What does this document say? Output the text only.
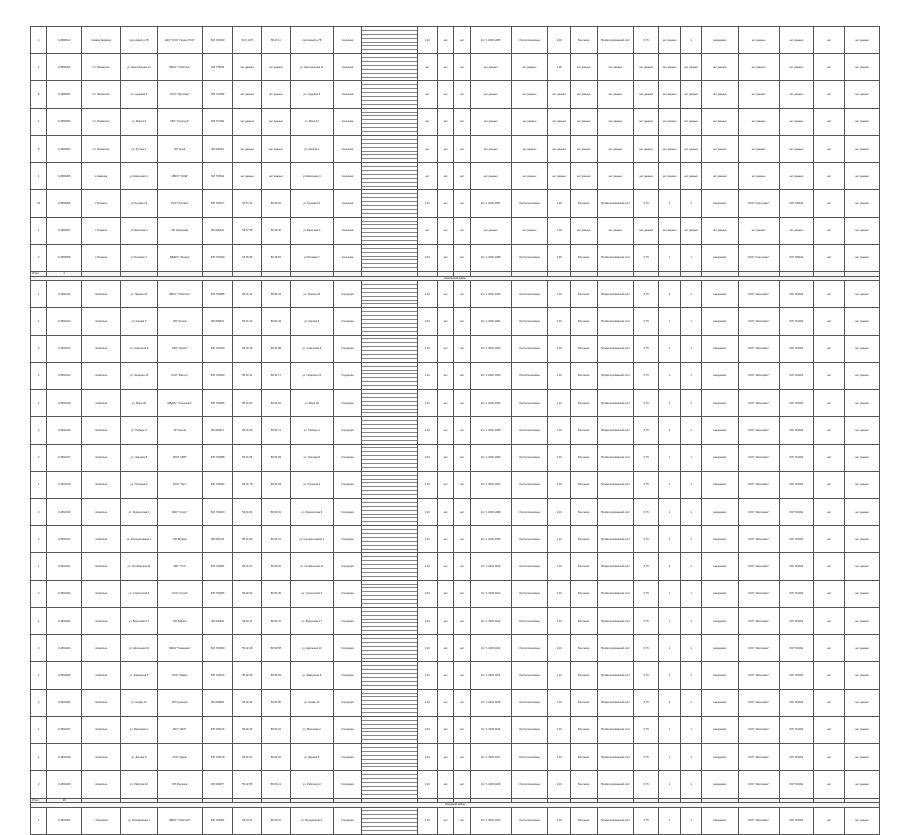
4	0-4584614	г.Новая Деревня	пер.Новый д.78	НКО "ООО "Гарант ЛСО"	ЮЛ 726343	54.6 1170	86.47 11	пер.Новый д.78	Сельская		1,22	нет	нет	10 / 1 2020 1085	Полиэтиленовые	1,30	Бетонное	Профилированный лист	0,75	нет данных	1	ежедневно	нет данных	нет данных	нет	нет данных
1	0-4584001	пгт Ленинское	ул. Центральная 11	МБОУ "СОШ №1"	ЮЛ 735611	нет данных	нет данных	ул. Центральная 11	Сельская		нет	нет	нет	нет данных	нет данных	1,00	нет данных	нет данных	нет данных	нет данных	нет данных	нет данных	нет данных	нет данных	нет	нет данных
8	0-4584002	пгт Ленинское	ул. Садовая 3	ООО "ТД Север"	ЮЛ 711090	нет данных	нет данных	ул. Садовая 3	Сельская		нет	нет	нет	нет данных	нет данных	нет данных	нет данных	нет данных	нет данных	нет данных	нет данных	нет данных	нет данных	нет данных	нет	нет данных
1	0-4584003	пгт Ленинское	ул. Мира 12	МКУ "Культура"	ЮЛ 711091	нет данных	нет данных	ул. Мира 12	Сельская		нет	нет	нет	нет данных	нет данных	нет данных	нет данных	нет данных	нет данных	нет данных	нет данных	нет данных	нет данных	нет данных	нет	нет данных
8	0-4584004	пгт Ленинское	ул. Лесная 1	ИП Гусев	ФЛ 600113	нет данных	нет данных	ул. Лесная 1	Сельская		нет	нет	нет	нет данных	нет данных	нет данных	нет данных	нет данных	нет данных	нет данных	нет данных	нет данных	нет данных	нет данных	нет	нет данных
1	0-4584005	с.Каменка	ул.Школьная 4	МБОУ "ООШ"	ЮЛ 705011	нет данных	нет данных	ул.Школьная 4	Сельская		нет	нет	нет	нет данных	нет данных	нет данных	нет данных	нет данных	нет данных	нет данных	нет данных	нет данных	нет данных	нет данных	нет	нет данных
10	0-4584006	с.Ягодное	ул.Луговая 14	ООО "Луговое"	ЮЛ 702577	54.57 11	86.49 01	ул.Луговая 14	Сельская		1,10	нет	нет	10 / 1 2020 1087	Полиэтиленовые	1,30	Бетонное	Профилированный лист	0,75	1	1	ежедневно	ООО "Спецтранс"	ЮЛ 709102	нет	нет данных
1	0-4584007	с.Ягодное	ул.Заречная 2	ИП Смирнова	ФЛ 600241	54.57 08	86.49 40	ул.Заречная 2	Сельская		нет	нет	нет	нет данных	нет данных	1,00	нет данных	нет данных	нет данных	нет данных	нет данных	нет данных	нет данных	нет данных	нет	нет данных
4	0-4584008	с.Ягодное	ул.Полевая 7	МБДОУ "Ягодка"	ЮЛ 703330	54.56 95	86.48 87	ул.Полевая 7	Сельская		1,10	нет	нет	10 / 1 2020 1088	Полиэтиленовые	1,30	Бетонное	Профилированный лист	0,75	1	1	ежедневно	ООО "Спецтранс"	ЮЛ 709102	нет	нет данных
Итого	2																									
Никольский район																										
1	0-4591011	г.Никольск	ул. Ленина 22	МБОУ "СОШ №2"	ЮЛ 702888	55.01 14	86.52 03	ул. Ленина 22	Городская		1,10	нет	нет	10 / 1 2020 1090	Полиэтиленовые	1,10	Бетонное	Профилированный лист	0,75	1	1	ежедневно	ООО "Экосервис"	ЮЛ 710001	нет	нет данных
1	0-4591012	г.Никольск	ул. Кирова 5	ИП Петров	ФЛ 600512	55.01 20	86.52 44	ул. Кирова 5	Городская		1,10	нет	нет	10 / 1 2020 1091	Полиэтиленовые	1,10	Бетонное	Профилированный лист	0,75	1	1	ежедневно	ООО "Экосервис"	ЮЛ 710001	нет	нет данных
3	0-4591013	г.Никольск	ул. Советская 9	МКУ "Архив"	ЮЛ 702919	55.01 33	86.51 98	ул. Советская 9	Городская		1,10	нет	нет	10 / 1 2020 1092	Полиэтиленовые	1,10	Бетонное	Профилированный лист	0,75	1	1	ежедневно	ООО "Экосервис"	ЮЛ 710001	нет	нет данных
2	0-4591014	г.Никольск	ул. Гагарина 15	ООО "Вектор"	ЮЛ 702940	55.01 41	86.52 17	ул. Гагарина 15	Городская		1,10	нет	нет	10 / 1 2020 1093	Полиэтиленовые	1,10	Бетонное	Профилированный лист	0,75	1	1	ежедневно	ООО "Экосервис"	ЮЛ 710001	нет	нет данных
1	0-4591015	г.Никольск	ул. Мира 30	МБДОУ "Солнышко"	ЮЛ 702955	55.01 52	86.52 60	ул. Мира 30	Городская		1,10	нет	нет	10 / 1 2020 1094	Полиэтиленовые	1,10	Бетонное	Профилированный лист	0,75	1	1	ежедневно	ООО "Экосервис"	ЮЛ 710001	нет	нет данных
2	0-4591016	г.Никольск	ул. Победы 4	ИП Орлов	ФЛ 600617	55.01 60	86.52 71	ул. Победы 4	Городская		1,10	нет	нет	10 / 1 2020 1095	Полиэтиленовые	1,10	Бетонное	Профилированный лист	0,75	1	1	ежедневно	ООО "Экосервис"	ЮЛ 710001	нет	нет данных
4	0-4591017	г.Никольск	ул. Чкалова 8	ГБУЗ "ЦРБ"	ЮЛ 702988	55.01 68	86.52 84	ул. Чкалова 8	Городская		1,10	нет	нет	10 / 1 2020 1096	Полиэтиленовые	1,10	Бетонное	Профилированный лист	0,75	1	1	ежедневно	ООО "Экосервис"	ЮЛ 710001	нет	нет данных
1	0-4591018	г.Никольск	ул. Пушкина 2	ООО "Торг"	ЮЛ 703004	55.01 75	86.52 93	ул. Пушкина 2	Городская		1,10	нет	нет	10 / 1 2020 1097	Полиэтиленовые	1,10	Бетонное	Профилированный лист	0,75	1	1	ежедневно	ООО "Экосервис"	ЮЛ 710001	нет	нет данных
3	0-4591019	г.Никольск	ул. Лермонтова 6	МБУ "Спорт"	ЮЛ 703020	55.01 82	86.53 01	ул. Лермонтова 6	Городская		1,10	нет	нет	10 / 1 2020 1098	Полиэтиленовые	1,10	Бетонное	Профилированный лист	0,75	1	1	ежедневно	ООО "Экосервис"	ЮЛ 710001	нет	нет данных
2	0-4591020	г.Никольск	ул. Кооперативная 1	ИП Волков	ФЛ 600744	55.01 90	86.53 12	ул. Кооперативная 1	Городская		1,10	нет	нет	10 / 1 2020 1099	Полиэтиленовые	1,10	Бетонное	Профилированный лист	0,75	1	1	ежедневно	ООО "Экосервис"	ЮЛ 710001	нет	нет данных
1	0-4591021	г.Никольск	ул. Октябрьская 11	МКУ "УГХ"	ЮЛ 703051	55.01 97	86.53 26	ул. Октябрьская 11	Городская		1,10	нет	нет	10 / 1 2020 1100	Полиэтиленовые	1,10	Бетонное	Профилированный лист	0,75	1	1	ежедневно	ООО "Экосервис"	ЮЛ 710001	нет	нет данных
2	0-4591022	г.Никольск	ул. Строителей 3	ООО "Строй"	ЮЛ 703066	55.02 04	86.53 35	ул. Строителей 3	Городская		1,10	нет	нет	10 / 1 2020 1101	Полиэтиленовые	1,10	Бетонное	Профилированный лист	0,75	1	1	ежедневно	ООО "Экосервис"	ЮЛ 710001	нет	нет данных
1	0-4591023	г.Никольск	ул. Береговая 17	ИП Зайцев	ФЛ 600811	55.02 11	86.53 47	ул. Береговая 17	Городская		1,10	нет	нет	10 / 1 2020 1102	Полиэтиленовые	1,10	Бетонное	Профилированный лист	0,75	1	1	ежедневно	ООО "Экосервис"	ЮЛ 710001	нет	нет данных
3	0-4591024	г.Никольск	ул. Школьная 19	МБОУ "Гимназия"	ЮЛ 703090	55.02 18	86.53 58	ул. Школьная 19	Городская		1,10	нет	нет	10 / 1 2020 1103	Полиэтиленовые	1,10	Бетонное	Профилированный лист	0,75	1	1	ежедневно	ООО "Экосервис"	ЮЛ 710001	нет	нет данных
1	0-4591025	г.Никольск	ул. Заводская 5	ООО "Завод"	ЮЛ 703104	55.02 26	86.53 69	ул. Заводская 5	Городская		1,10	нет	нет	10 / 1 2020 1104	Полиэтиленовые	1,10	Бетонное	Профилированный лист	0,75	1	1	ежедневно	ООО "Экосервис"	ЮЛ 710001	нет	нет данных
2	0-4591026	г.Никольск	ул. Новая 10	ИП Кузнецов	ФЛ 600902	55.02 33	86.53 80	ул. Новая 10	Городская		1,10	нет	нет	10 / 1 2020 1105	Полиэтиленовые	1,10	Бетонное	Профилированный лист	0,75	1	1	ежедневно	ООО "Экосервис"	ЮЛ 710001	нет	нет данных
1	0-4591027	г.Никольск	ул. Весенняя 2	МКУ "ЖКХ"	ЮЛ 703126	55.02 40	86.53 91	ул. Весенняя 2	Городская		1,10	нет	нет	10 / 1 2020 1106	Полиэтиленовые	1,10	Бетонное	Профилированный лист	0,75	1	1	ежедневно	ООО "Экосервис"	ЮЛ 710001	нет	нет данных
1	0-4591028	г.Никольск	ул. Дачная 8	ООО "Дача"	ЮЛ 703139	55.02 47	86.54 02	ул. Дачная 8	Городская		1,10	нет	нет	10 / 1 2020 1107	Полиэтиленовые	1,10	Бетонное	Профилированный лист	0,75	1	1	ежедневно	ООО "Экосервис"	ЮЛ 710001	нет	нет данных
2	0-4591029	г.Никольск	ул. Рабочая 12	ИП Морозов	ФЛ 600977	55.02 55	86.54 13	ул. Рабочая 12	Городская		1,10	нет	нет	10 / 1 2020 1108	Полиэтиленовые	1,10	Бетонное	Профилированный лист	0,75	1	1	ежедневно	ООО "Экосервис"	ЮЛ 710001	нет	нет данных
Итого	29																									
Окружной район																										
1	0-4602001	г.Окружной	ул. Молодёжная 1	МБОУ "СОШ №5"	ЮЛ 704001	55.10 01	86.60 01	ул. Молодёжная 1	Городская		1,10	нет	нет	10 / 1 2020 1200	Полиэтиленовые	1,10	Бетонное	Профилированный лист	0,75	1	1	ежедневно	ООО "Экосервис"	ЮЛ 710001	нет	нет данных
